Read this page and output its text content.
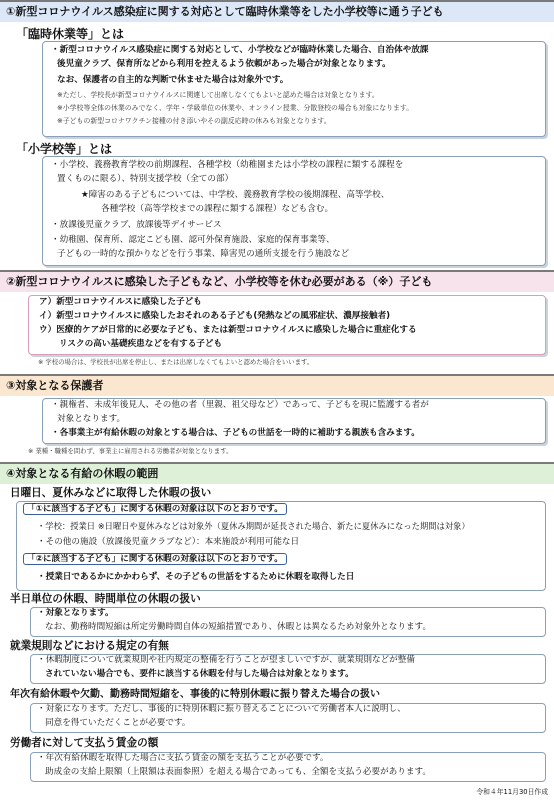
①新型コロナウイルス感染症に関する対応として臨時休業等をした小学校等に通う子ども
「臨時休業等」とは
・新型コロナウイルス感染症に関する対応として、小学校などが臨時休業した場合、自治体や放課
後児童クラブ、保育所などから利用を控えるよう依頼があった場合が対象となります。
なお、保護者の自主的な判断で休ませた場合は対象外です。
※ただし、学校長が新型コロナウイルスに関連して出席しなくてもよいと認めた場合は対象となります。
※小学校等全体の休業のみでなく、学年・学級単位の休業や、オンライン授業、分散登校の場合も対象になります。
※子どもの新型コロナワクチン接種の付き添いやその副反応時の休みも対象となります。
「小学校等」とは
・小学校、義務教育学校の前期課程、各種学校（幼稚園または小学校の課程に類する課程を
置くものに限る）、特別支援学校（全ての部）
★障害のある子どもについては、中学校、義務教育学校の後期課程、高等学校、
各種学校（高等学校までの課程に類する課程）なども含む。
・放課後児童クラブ、放課後等デイサービス
・幼稚園、保育所、認定こども園、認可外保育施設、家庭的保育事業等、
子どもの一時的な預かりなどを行う事業、障害児の通所支援を行う施設など
②新型コロナウイルスに感染した子どもなど、小学校等を休む必要がある（※）子ども
ア）新型コロナウイルスに感染した子ども
イ）新型コロナウイルスに感染したおそれのある子ども(発熱などの風邪症状、濃厚接触者)
ウ）医療的ケアが日常的に必要な子ども、または新型コロナウイルスに感染した場合に重症化する
リスクの高い基礎疾患などを有する子ども
※ 学校の場合は、学校長が出席を停止し、または出席しなくてもよいと認めた場合をいいます。
③対象となる保護者
・親権者、未成年後見人、その他の者（里親、祖父母など）であって、子どもを現に監護する者が
対象となります。
・各事業主が有給休暇の対象とする場合は、子どもの世話を一時的に補助する親族も含みます。
※ 業種・職種を問わず、事業主に雇用される労働者が対象となります。
④対象となる有給の休暇の範囲
日曜日、夏休みなどに取得した休暇の扱い
「①に該当する子ども」に関する休暇の対象は以下のとおりです。
・学校：授業日 ※日曜日や夏休みなどは対象外（夏休み期間が延長された場合、新たに夏休みになった期間は対象）
・その他の施設（放課後児童クラブなど）：本来施設が利用可能な日
「②に該当する子ども」に関する休暇の対象は以下のとおりです。
・授業日であるかにかかわらず、その子どもの世話をするために休暇を取得した日
半日単位の休暇、時間単位の休暇の扱い
・対象となります。
なお、勤務時間短縮は所定労働時間自体の短縮措置であり、休暇とは異なるため対象外となります。
就業規則などにおける規定の有無
・休暇制度について就業規則や社内規定の整備を行うことが望ましいですが、就業規則などが整備
されていない場合でも、要件に該当する休暇を付与した場合は対象となります。
年次有給休暇や欠勤、勤務時間短縮を、事後的に特別休暇に振り替えた場合の扱い
・対象になります。ただし、事後的に特別休暇に振り替えることについて労働者本人に説明し、
同意を得ていただくことが必要です。
労働者に対して支払う賃金の額
・年次有給休暇を取得した場合に支払う賃金の額を支払うことが必要です。
助成金の支給上限額（上限額は表面参照）を超える場合であっても、全額を支払う必要があります。
令和４年11月30日作成
